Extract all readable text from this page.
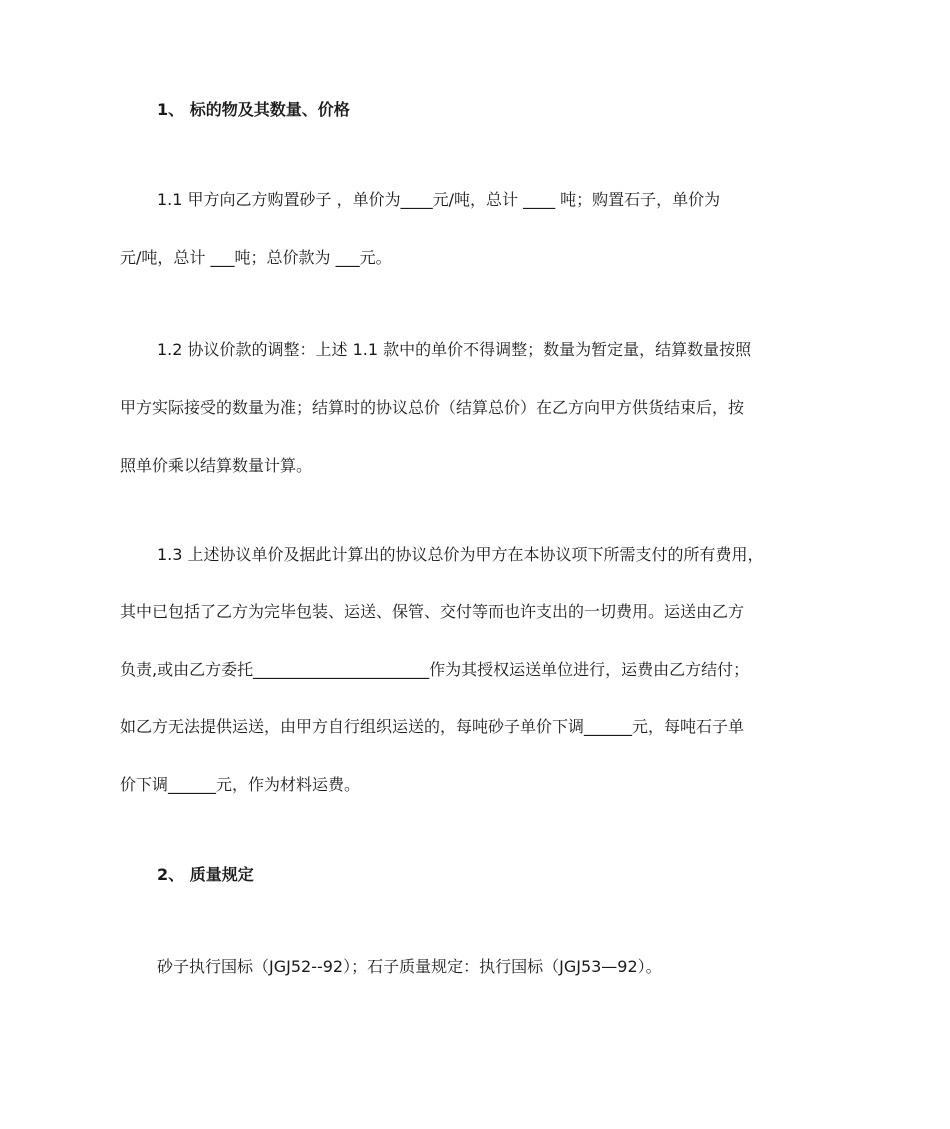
1、 标的物及其数量、价格
1.1 甲方向乙方购置砂子 ，单价为____元/吨，总计 ____ 吨；购置石子，单价为
元/吨，总计 ___吨；总价款为 ___元。
1.2 协议价款的调整：上述 1.1 款中的单价不得调整；数量为暂定量，结算数量按照
甲方实际接受的数量为准；结算时的协议总价（结算总价）在乙方向甲方供货结束后，按
照单价乘以结算数量计算。
1.3 上述协议单价及据此计算出的协议总价为甲方在本协议项下所需支付的所有费用，
其中已包括了乙方为完毕包装、运送、保管、交付等而也许支出的一切费用。运送由乙方
负责,或由乙方委托______________________作为其授权运送单位进行，运费由乙方结付；
如乙方无法提供运送，由甲方自行组织运送的，每吨砂子单价下调______元，每吨石子单
价下调______元，作为材料运费。
2、 质量规定
砂子执行国标（JGJ52--92）；石子质量规定：执行国标（JGJ53—92）。
